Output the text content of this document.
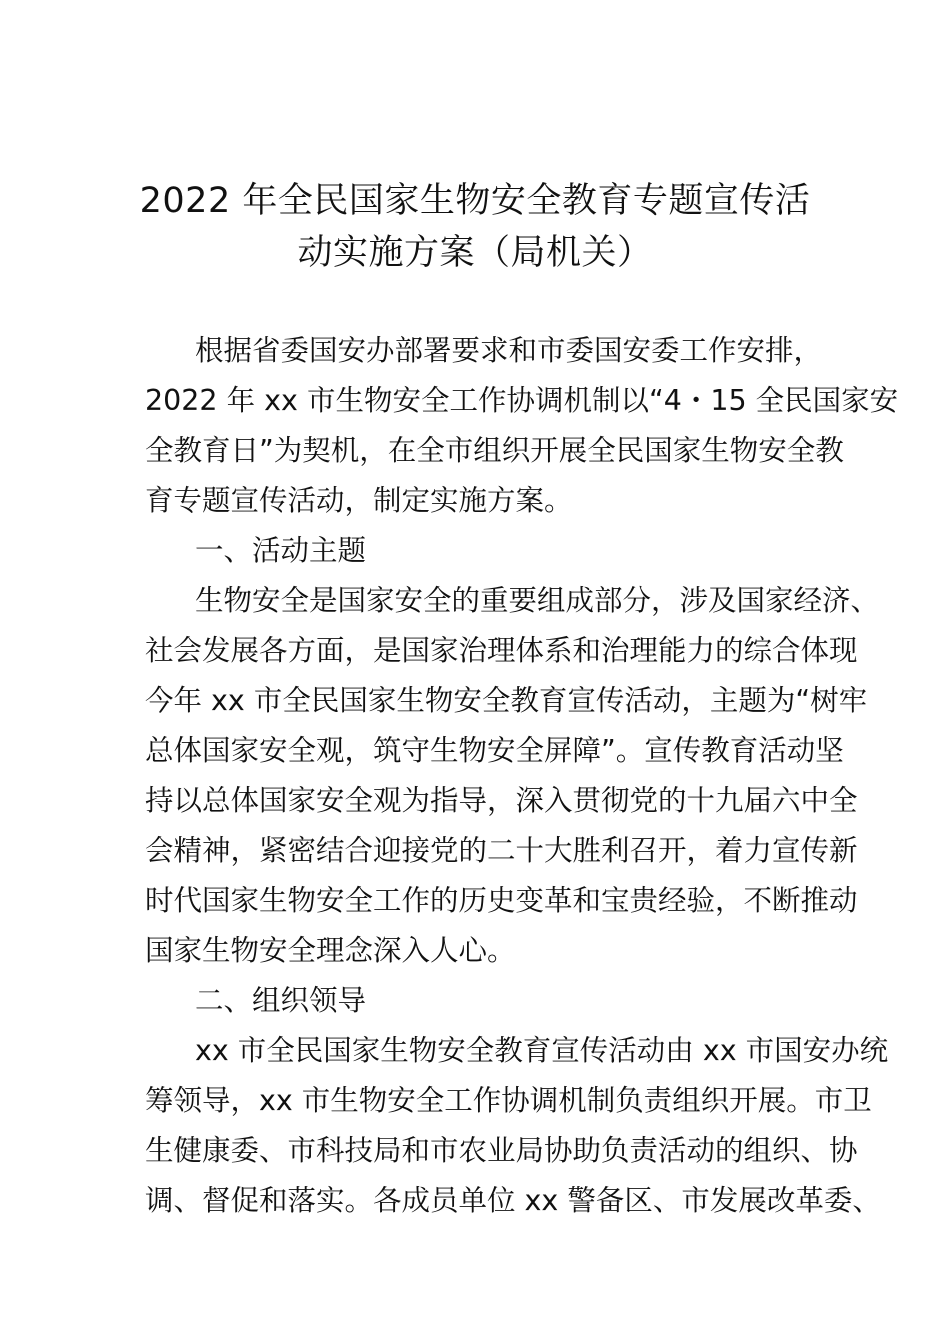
2022 年全民国家生物安全教育专题宣传活
动实施方案（局机关）
根据省委国安办部署要求和市委国安委工作安排，
2022 年 xx 市生物安全工作协调机制以“4・15 全民国家安
全教育日”为契机，在全市组织开展全民国家生物安全教
育专题宣传活动，制定实施方案。
一、活动主题
生物安全是国家安全的重要组成部分，涉及国家经济、
社会发展各方面，是国家治理体系和治理能力的综合体现
今年 xx 市全民国家生物安全教育宣传活动，主题为“树牢
总体国家安全观，筑守生物安全屏障”。宣传教育活动坚
持以总体国家安全观为指导，深入贯彻党的十九届六中全
会精神，紧密结合迎接党的二十大胜利召开，着力宣传新
时代国家生物安全工作的历史变革和宝贵经验，不断推动
国家生物安全理念深入人心。
二、组织领导
xx 市全民国家生物安全教育宣传活动由 xx 市国安办统
筹领导，xx 市生物安全工作协调机制负责组织开展。市卫
生健康委、市科技局和市农业局协助负责活动的组织、协
调、督促和落实。各成员单位 xx 警备区、市发展改革委、
